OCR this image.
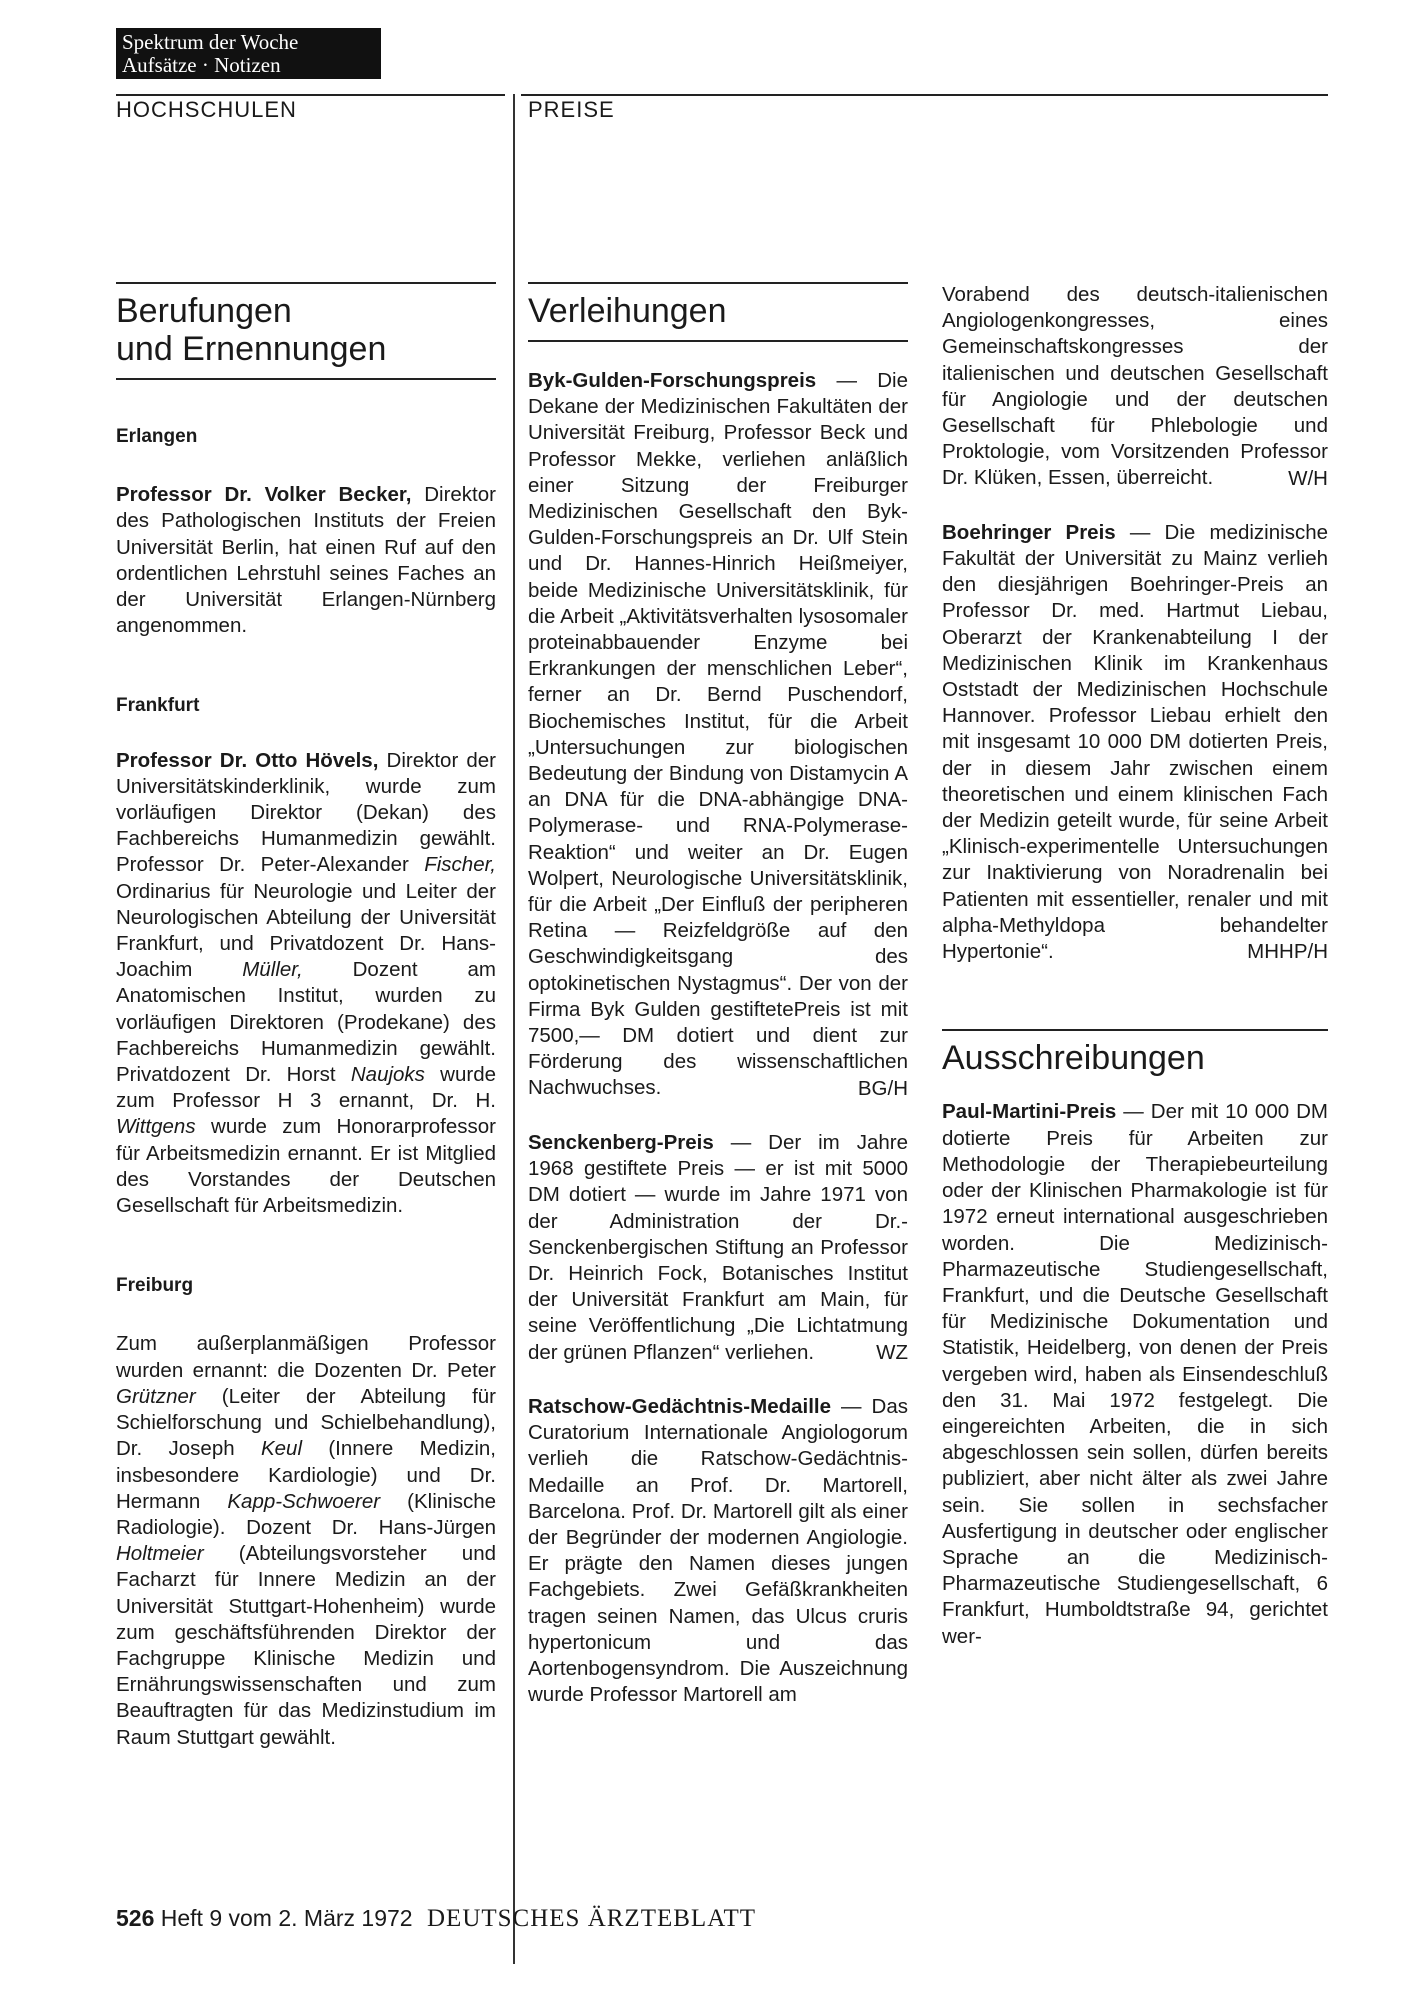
Spektrum der Woche
Aufsätze · Notizen
HOCHSCHULEN	PREISE
Berufungen
und Ernennungen

Erlangen

Professor Dr. Volker Becker, Direktor des Pathologischen Instituts der Freien Universität Berlin, hat einen Ruf auf den ordentlichen Lehrstuhl seines Faches an der Universität Erlangen-Nürnberg angenommen.

Frankfurt

Professor Dr. Otto Hövels, Direktor der Universitätskinderklinik, wurde zum vorläufigen Direktor (Dekan) des Fachbereichs Humanmedizin gewählt. Professor Dr. Peter-Alexander Fischer, Ordinarius für Neurologie und Leiter der Neurologischen Abteilung der Universität Frankfurt, und Privatdozent Dr. Hans-Joachim Müller, Dozent am Anatomischen Institut, wurden zu vorläufigen Direktoren (Prodekane) des Fachbereichs Humanmedizin gewählt. Privatdozent Dr. Horst Naujoks wurde zum Professor H 3 ernannt, Dr. H. Wittgens wurde zum Honorarprofessor für Arbeitsmedizin ernannt. Er ist Mitglied des Vorstandes der Deutschen Gesellschaft für Arbeitsmedizin.

Freiburg

Zum außerplanmäßigen Professor wurden ernannt: die Dozenten Dr. Peter Grützner (Leiter der Abteilung für Schielforschung und Schielbehandlung), Dr. Joseph Keul (Innere Medizin, insbesondere Kardiologie) und Dr. Hermann Kapp-Schwoerer (Klinische Radiologie). Dozent Dr. Hans-Jürgen Holtmeier (Abteilungsvorsteher und Facharzt für Innere Medizin an der Universität Stuttgart-Hohenheim) wurde zum geschäftsführenden Direktor der Fachgruppe Klinische Medizin und Ernährungswissenschaften und zum Beauftragten für das Medizinstudium im Raum Stuttgart gewählt.

Verleihungen

Byk-Gulden-Forschungspreis — Die Dekane der Medizinischen Fakultäten der Universität Freiburg, Professor Beck und Professor Mekke, verliehen anläßlich einer Sitzung der Freiburger Medizinischen Gesellschaft den Byk-Gulden-Forschungspreis an Dr. Ulf Stein und Dr. Hannes-Hinrich Heißmeiyer, beide Medizinische Universitätsklinik, für die Arbeit „Aktivitätsverhalten lysosomaler proteinabbauender Enzyme bei Erkrankungen der menschlichen Leber“, ferner an Dr. Bernd Puschendorf, Biochemisches Institut, für die Arbeit „Untersuchungen zur biologischen Bedeutung der Bindung von Distamycin A an DNA für die DNA-abhängige DNA-Polymerase- und RNA-Polymerase-Reaktion“ und weiter an Dr. Eugen Wolpert, Neurologische Universitätsklinik, für die Arbeit „Der Einfluß der peripheren Retina — Reizfeldgröße auf den Geschwindigkeitsgang des optokinetischen Nystagmus“. Der von der Firma Byk Gulden gestiftetePreis ist mit 7500,— DM dotiert und dient zur Förderung des wissenschaftlichen Nachwuchses.	BG/H

Senckenberg-Preis — Der im Jahre 1968 gestiftete Preis — er ist mit 5000 DM dotiert — wurde im Jahre 1971 von der Administration der Dr.-Senckenbergischen Stiftung an Professor Dr. Heinrich Fock, Botanisches Institut der Universität Frankfurt am Main, für seine Veröffentlichung „Die Lichtatmung der grünen Pflanzen“ verliehen.	WZ

Ratschow-Gedächtnis-Medaille — Das Curatorium Internationale Angiologorum verlieh die Ratschow-Gedächtnis-Medaille an Prof. Dr. Martorell, Barcelona. Prof. Dr. Martorell gilt als einer der Begründer der modernen Angiologie. Er prägte den Namen dieses jungen Fachgebiets. Zwei Gefäßkrankheiten tragen seinen Namen, das Ulcus cruris hypertonicum und das Aortenbogensyndrom. Die Auszeichnung wurde Professor Martorell am

Vorabend des deutsch-italienischen Angiologenkongresses, eines Gemeinschaftskongresses der italienischen und deutschen Gesellschaft für Angiologie und der deutschen Gesellschaft für Phlebologie und Proktologie, vom Vorsitzenden Professor Dr. Klüken, Essen, überreicht.	W/H

Boehringer Preis — Die medizinische Fakultät der Universität zu Mainz verlieh den diesjährigen Boehringer-Preis an Professor Dr. med. Hartmut Liebau, Oberarzt der Krankenabteilung I der Medizinischen Klinik im Krankenhaus Oststadt der Medizinischen Hochschule Hannover. Professor Liebau erhielt den mit insgesamt 10 000 DM dotierten Preis, der in diesem Jahr zwischen einem theoretischen und einem klinischen Fach der Medizin geteilt wurde, für seine Arbeit „Klinisch-experimentelle Untersuchungen zur Inaktivierung von Noradrenalin bei Patienten mit essentieller, renaler und mit alpha-Methyldopa behandelter Hypertonie“.	MHHP/H

Ausschreibungen

Paul-Martini-Preis — Der mit 10 000 DM dotierte Preis für Arbeiten zur Methodologie der Therapiebeurteilung oder der Klinischen Pharmakologie ist für 1972 erneut international ausgeschrieben worden. Die Medizinisch-Pharmazeutische Studiengesellschaft, Frankfurt, und die Deutsche Gesellschaft für Medizinische Dokumentation und Statistik, Heidelberg, von denen der Preis vergeben wird, haben als Einsendeschluß den 31. Mai 1972 festgelegt. Die eingereichten Arbeiten, die in sich abgeschlossen sein sollen, dürfen bereits publiziert, aber nicht älter als zwei Jahre sein. Sie sollen in sechsfacher Ausfertigung in deutscher oder englischer Sprache an die Medizinisch-Pharmazeutische Studiengesellschaft, 6 Frankfurt, Humboldtstraße 94, gerichtet wer-

526 Heft 9 vom 2. März 1972 DEUTSCHES ÄRZTEBLATT
